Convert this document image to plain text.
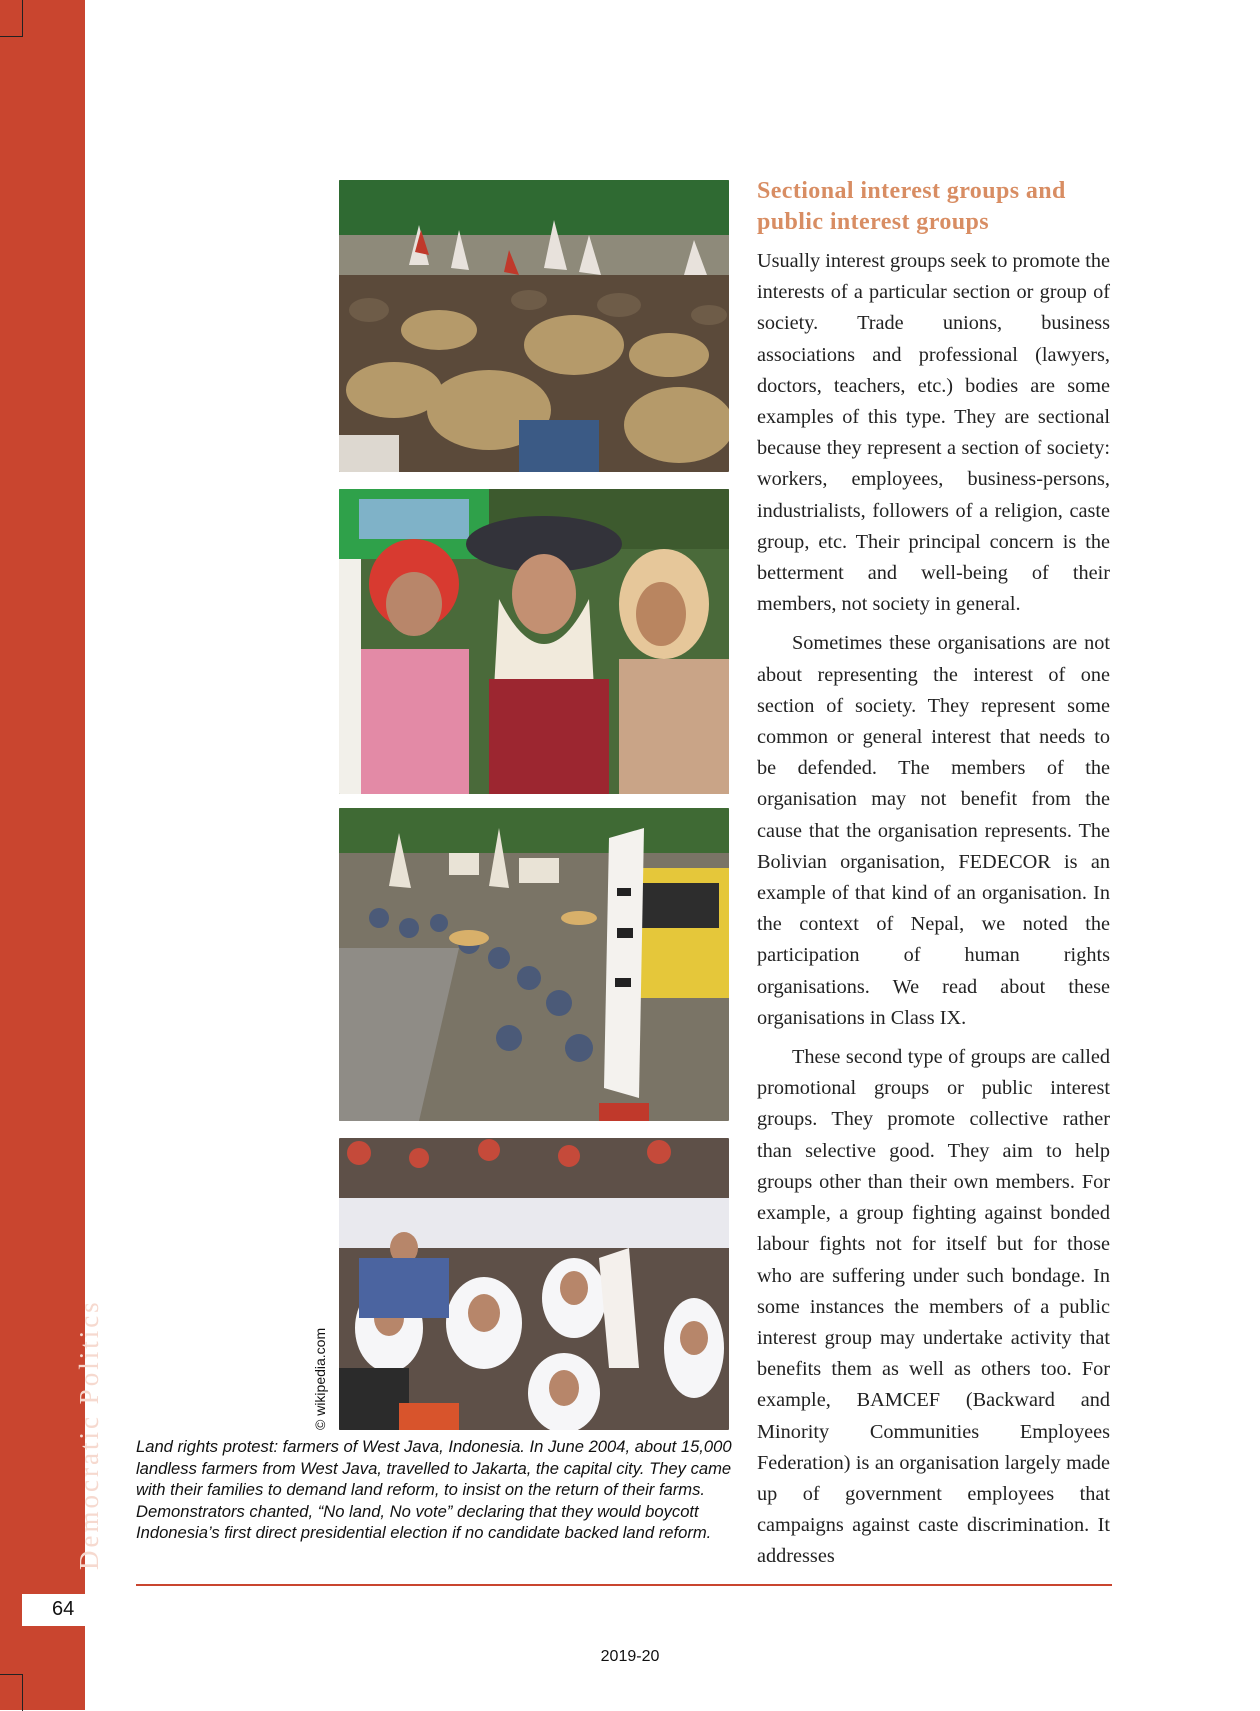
Democratic Politics
64
© wikipedia.com
Land rights protest: farmers of West Java, Indonesia. In June 2004, about 15,000 landless farmers from West Java, travelled to Jakarta, the capital city. They came with their families to demand land reform, to insist on the return of their farms. Demonstrators chanted, “No land, No vote” declaring that they would boycott Indonesia’s first direct presidential election if no candidate backed land reform.
Sectional interest groups and public interest groups

Usually interest groups seek to promote the interests of a particular section or group of society. Trade unions, business associations and professional (lawyers, doctors, teachers, etc.) bodies are some examples of this type. They are sectional because they represent a section of society: workers, employees, business-persons, industrialists, followers of a religion, caste group, etc. Their principal concern is the betterment and well-being of their members, not society in general.

Sometimes these organisations are not about representing the interest of one section of society. They represent some common or general interest that needs to be defended. The members of the organisation may not benefit from the cause that the organisation represents. The Bolivian organisation, FEDECOR is an example of that kind of an organisation. In the context of Nepal, we noted the participation of human rights organisations. We read about these organisations in Class IX.

These second type of groups are called promotional groups or public interest groups. They promote collective rather than selective good. They aim to help groups other than their own members. For example, a group fighting against bonded labour fights not for itself but for those who are suffering under such bondage. In some instances the members of a public interest group may undertake activity that benefits them as well as others too. For example, BAMCEF (Backward and Minority Communities Employees Federation) is an organisation largely made up of government employees that campaigns against caste discrimination. It addresses

2019-20
